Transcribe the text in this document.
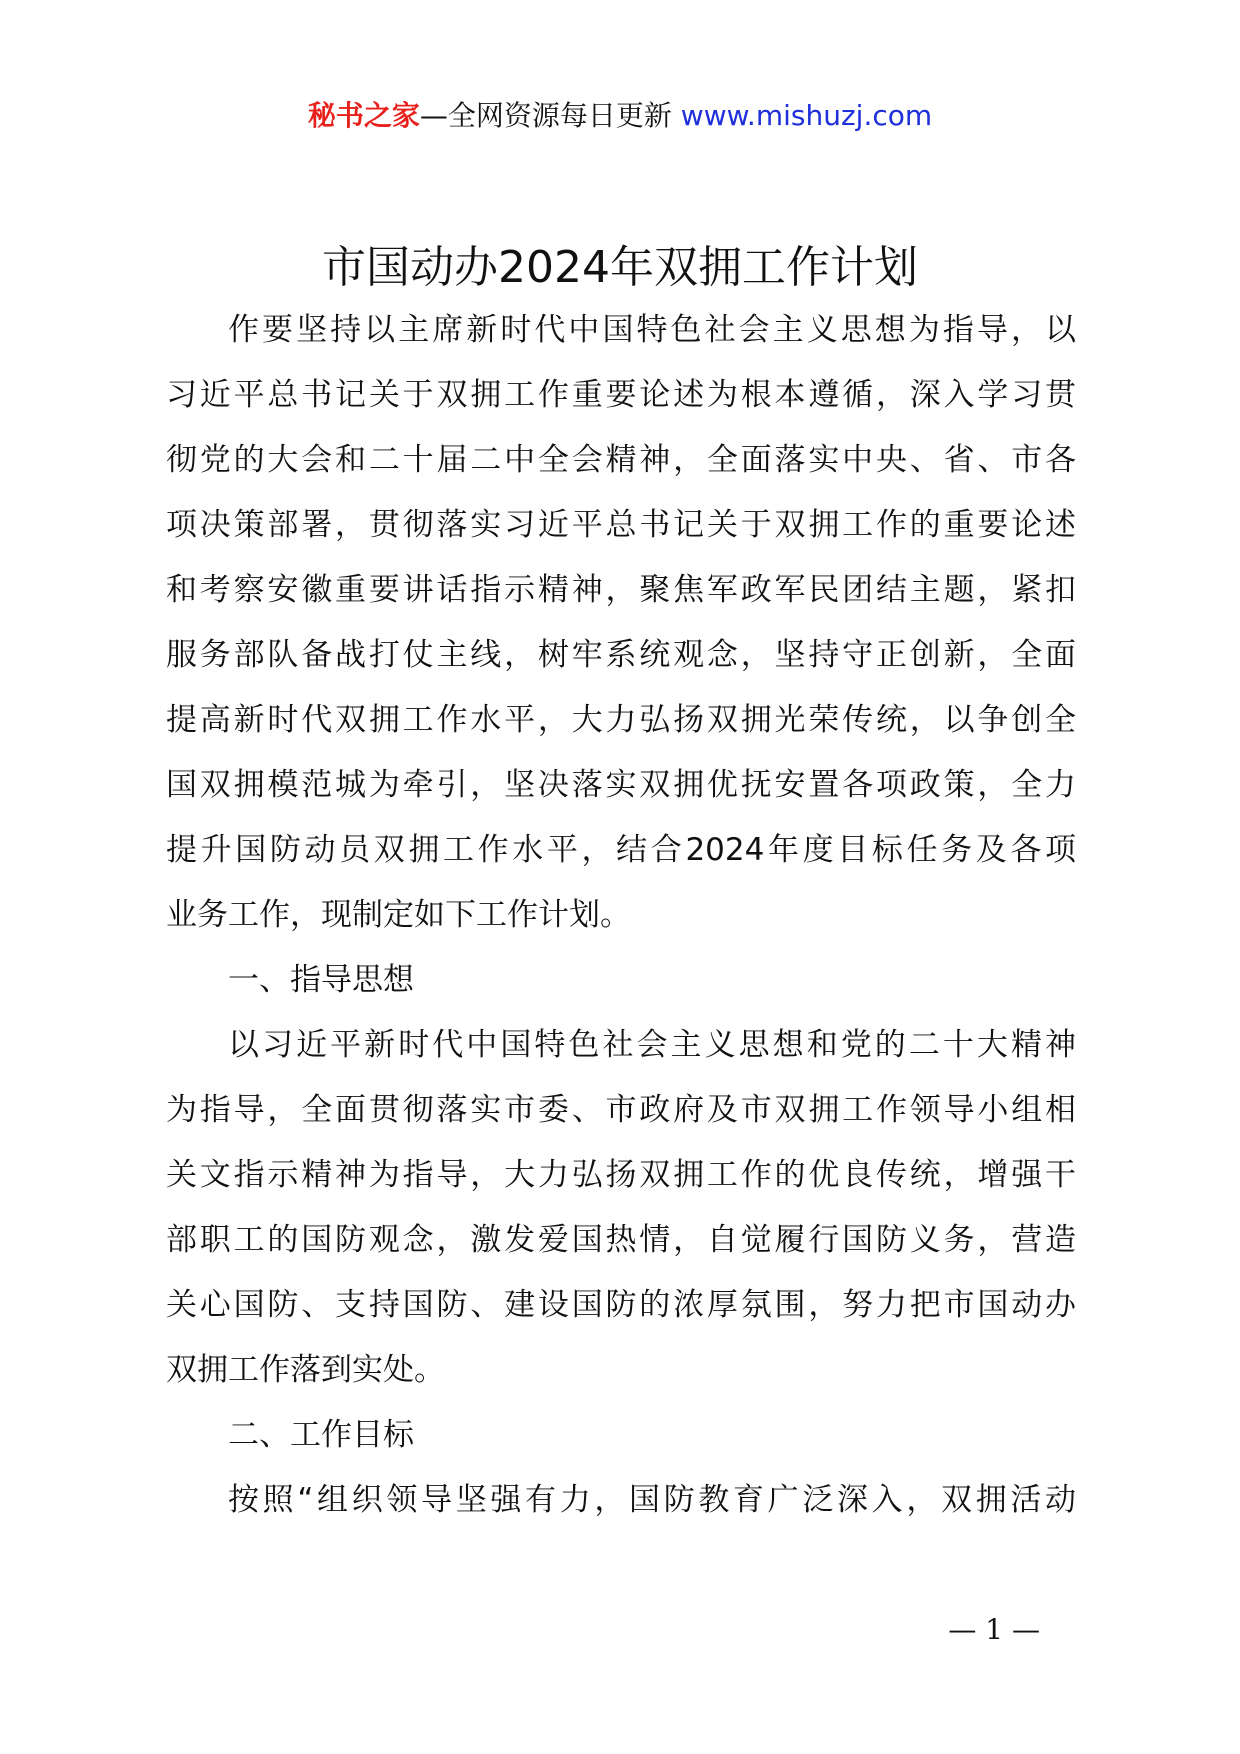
秘书之家—全网资源每日更新 www.mishuzj.com
市国动办2024年双拥工作计划
作要坚持以主席新时代中国特色社会主义思想为指导，以
习近平总书记关于双拥工作重要论述为根本遵循，深入学习贯
彻党的大会和二十届二中全会精神，全面落实中央、省、市各
项决策部署，贯彻落实习近平总书记关于双拥工作的重要论述
和考察安徽重要讲话指示精神，聚焦军政军民团结主题，紧扣
服务部队备战打仗主线，树牢系统观念，坚持守正创新，全面
提高新时代双拥工作水平，大力弘扬双拥光荣传统，以争创全
国双拥模范城为牵引，坚决落实双拥优抚安置各项政策，全力
提升国防动员双拥工作水平，结合2024年度目标任务及各项
业务工作，现制定如下工作计划。
一、指导思想
以习近平新时代中国特色社会主义思想和党的二十大精神
为指导，全面贯彻落实市委、市政府及市双拥工作领导小组相
关文指示精神为指导，大力弘扬双拥工作的优良传统，增强干
部职工的国防观念，激发爱国热情，自觉履行国防义务，营造
关心国防、支持国防、建设国防的浓厚氛围，努力把市国动办
双拥工作落到实处。
二、工作目标
按照“组织领导坚强有力，国防教育广泛深入，双拥活动
— 1 —
